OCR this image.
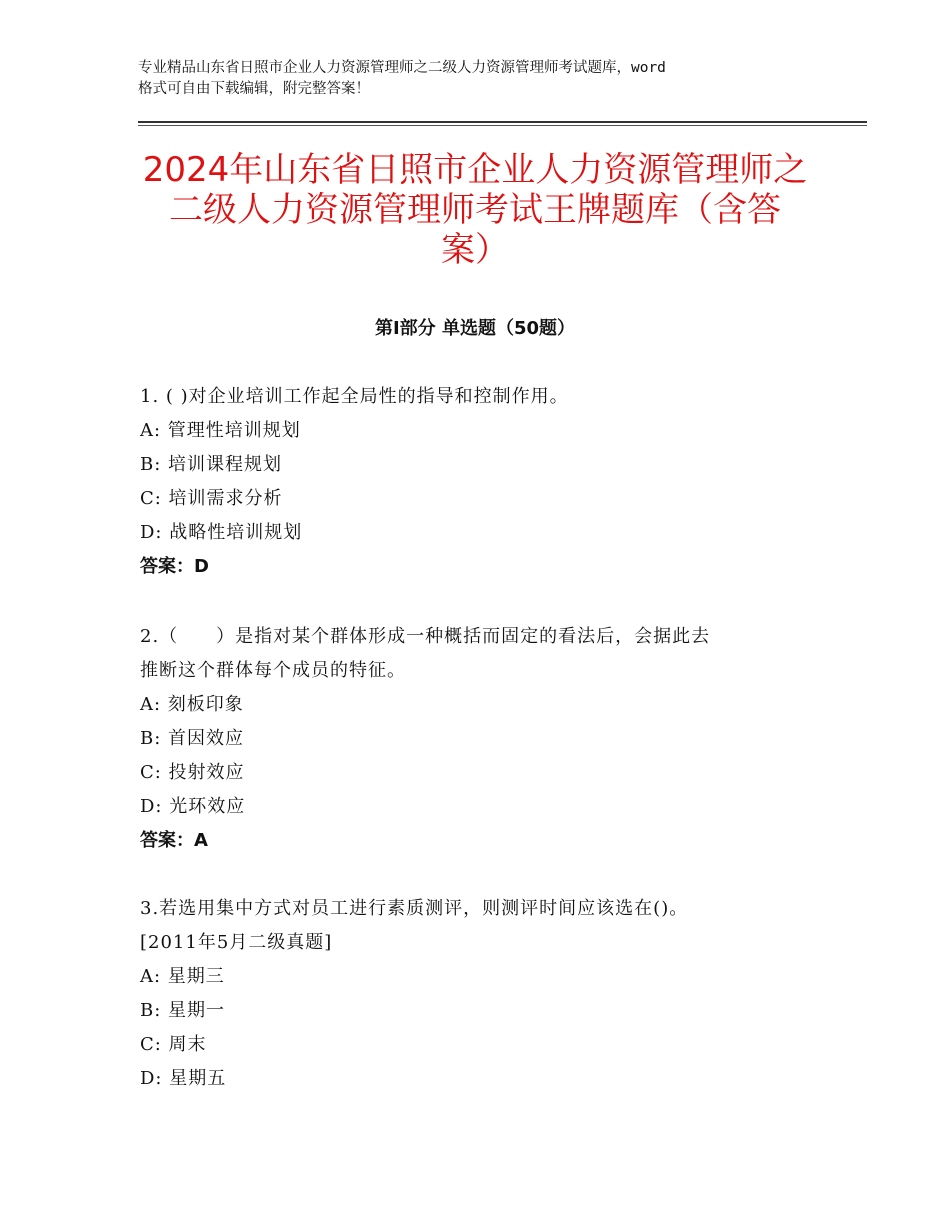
专业精品山东省日照市企业人力资源管理师之二级人力资源管理师考试题库，word
格式可自由下载编辑，附完整答案！
2024年山东省日照市企业人力资源管理师之
二级人力资源管理师考试王牌题库（含答
案）
第Ⅰ部分 单选题（50题）

1. ( )对企业培训工作起全局性的指导和控制作用。

A: 管理性培训规划

B: 培训课程规划

C: 培训需求分析

D: 战略性培训规划

答案：D

2.（　　）是指对某个群体形成一种概括而固定的看法后，会据此去

推断这个群体每个成员的特征。

A: 刻板印象

B: 首因效应

C: 投射效应

D: 光环效应

答案：A

3.若选用集中方式对员工进行素质测评，则测评时间应该选在()。

[2011年5月二级真题]

A: 星期三

B: 星期一

C: 周末

D: 星期五
